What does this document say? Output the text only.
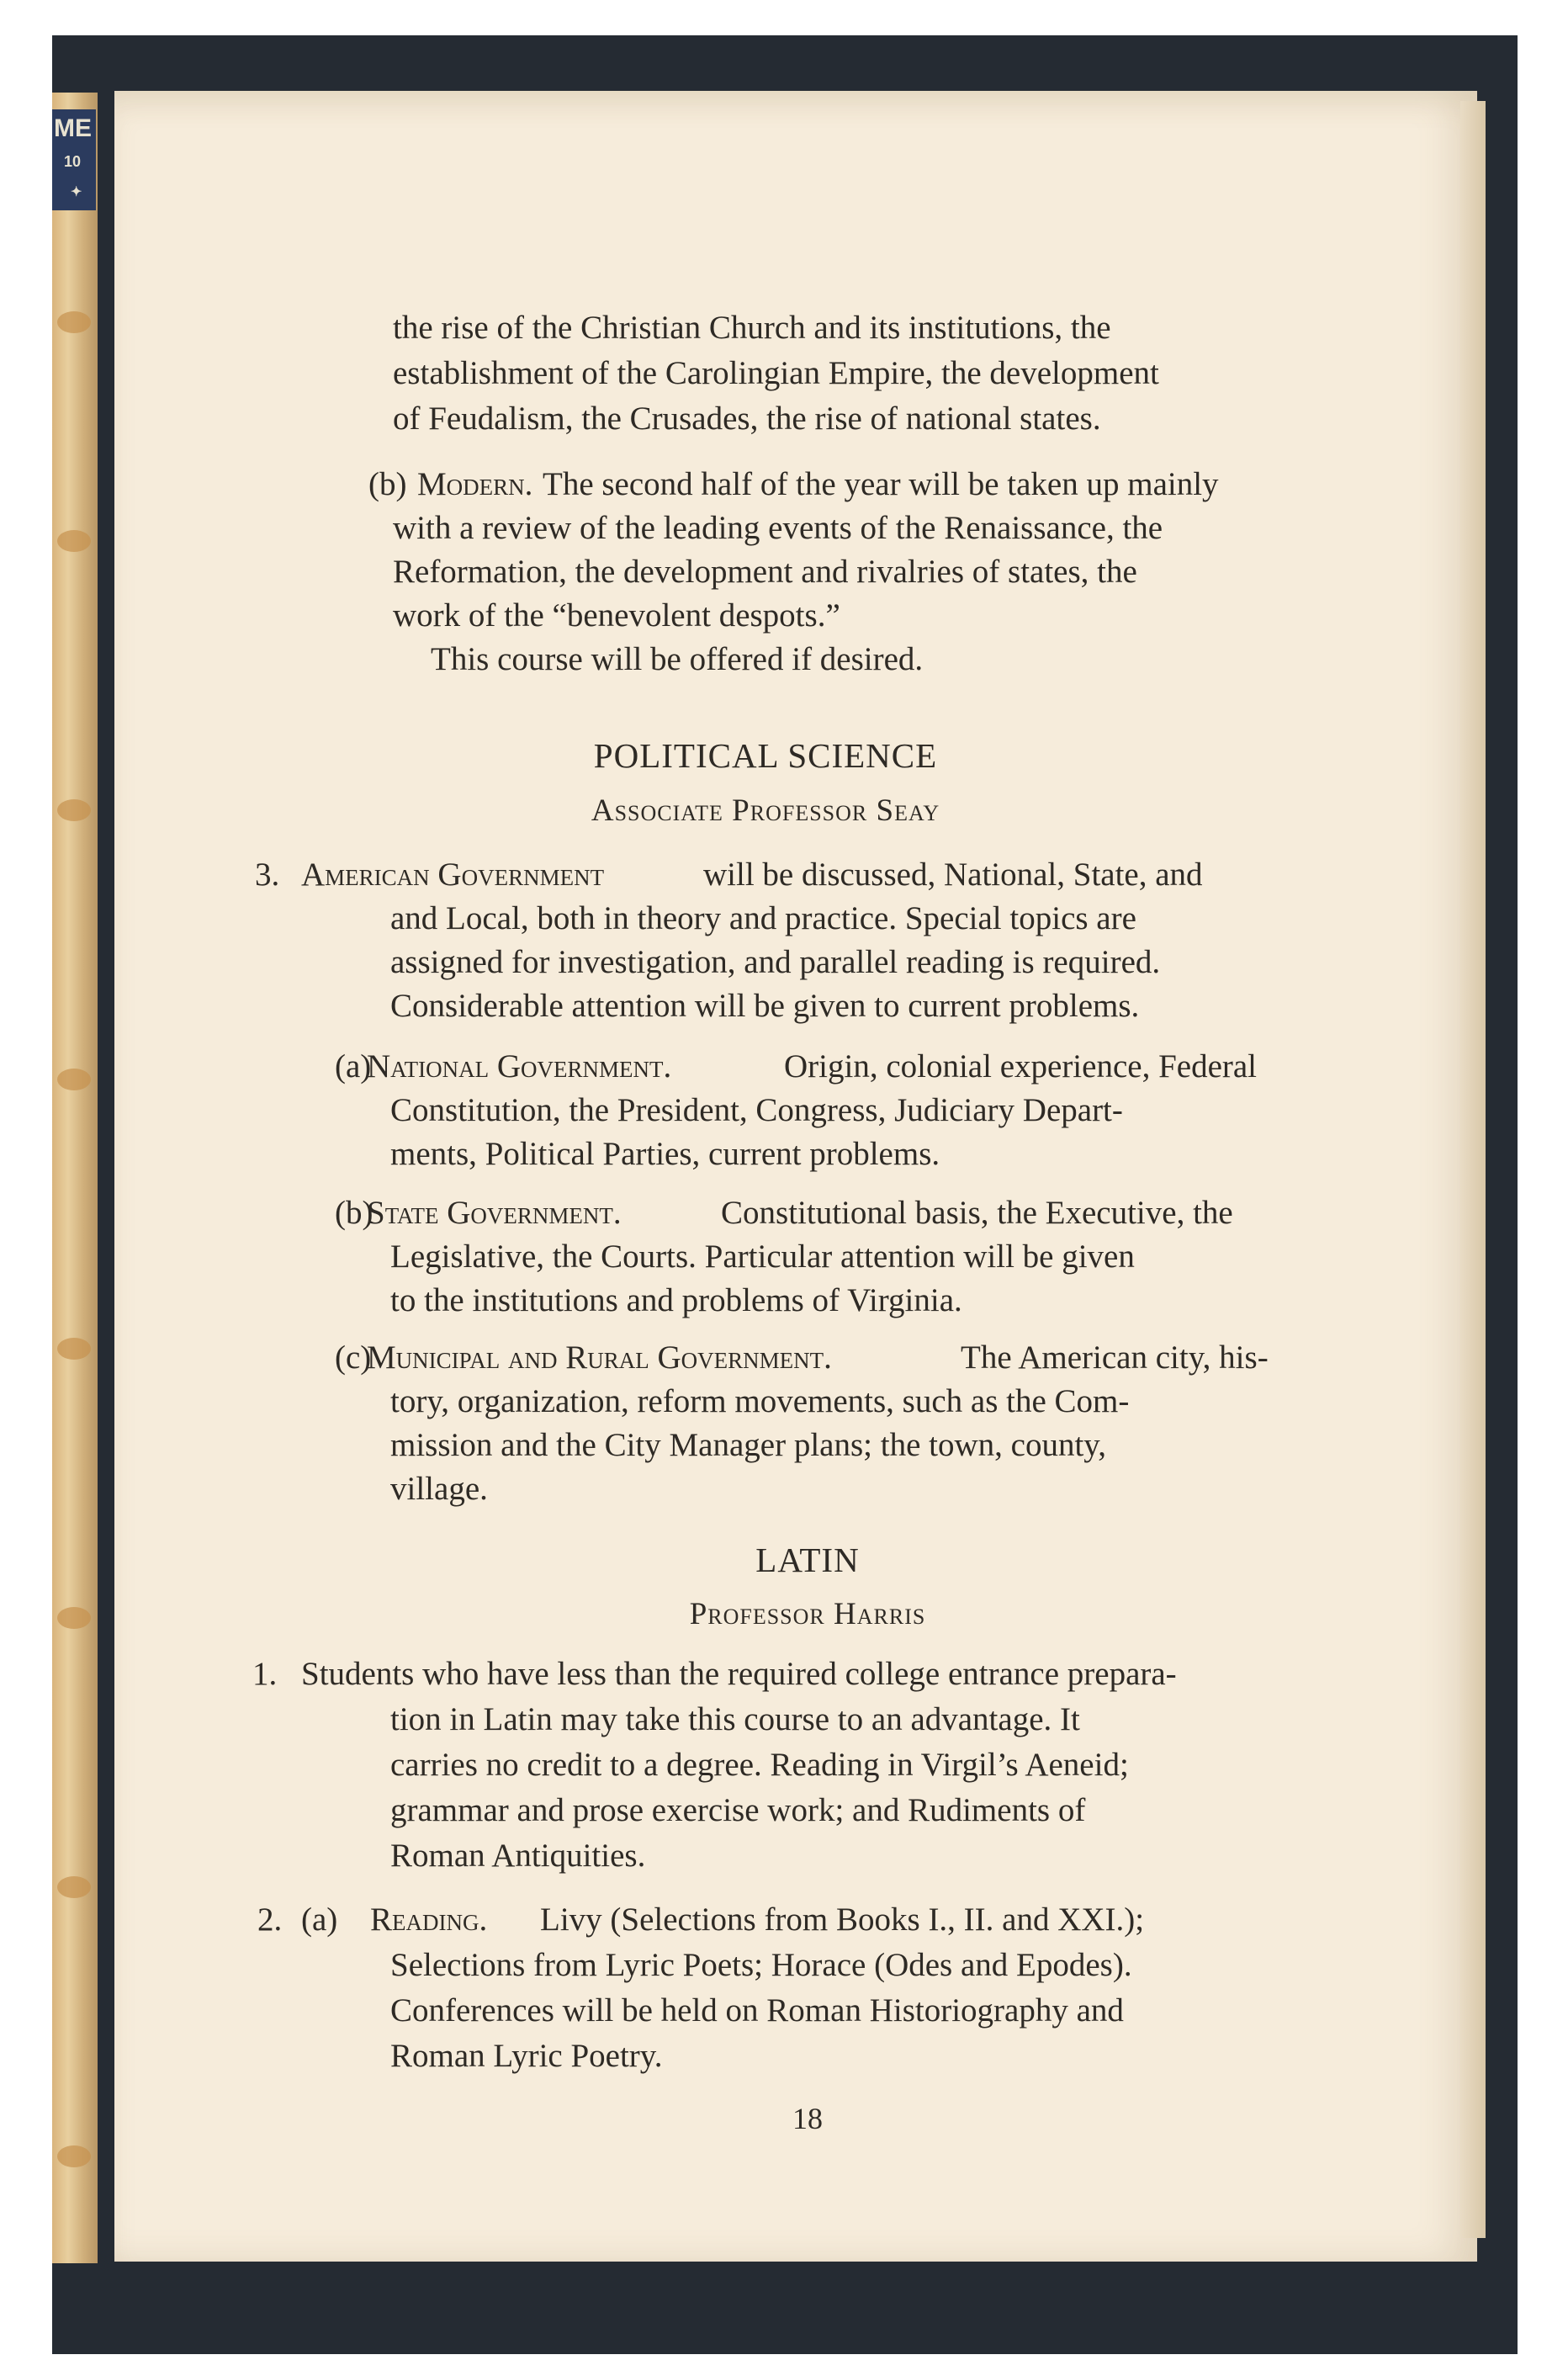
ME
10
✦
the rise of the Christian Church and its institutions, the
establishment of the Carolingian Empire, the development
of Feudalism, the Crusades, the rise of national states.
(b) Modern. The second half of the year will be taken up mainly
with a review of the leading events of the Renaissance, the
Reformation, the development and rivalries of states, the
work of the “benevolent despots.”
This course will be offered if desired.
POLITICAL SCIENCE
Associate Professor Seay
3. American Government	will be discussed, National, State, and
and Local, both in theory and practice. Special topics are
assigned for investigation, and parallel reading is required.
Considerable attention will be given to current problems.
(a)
National Government.	Origin, colonial experience, Federal
Constitution, the President, Congress, Judiciary Depart-
ments, Political Parties, current problems.
(b)
State Government.	Constitutional basis, the Executive, the
Legislative, the Courts. Particular attention will be given
to the institutions and problems of Virginia.
(c)
Municipal and Rural Government.	The American city, his-
tory, organization, reform movements, such as the Com-
mission and the City Manager plans; the town, county,
village.
LATIN
Professor Harris
1. Students who have less than the required college entrance prepara-
tion in Latin may take this course to an advantage. It
carries no credit to a degree. Reading in Virgil’s Aeneid;
grammar and prose exercise work; and Rudiments of
Roman Antiquities.
2. (a) Reading. Livy (Selections from Books I., II. and XXI.);
Selections from Lyric Poets; Horace (Odes and Epodes).
Conferences will be held on Roman Historiography and
Roman Lyric Poetry.
18
